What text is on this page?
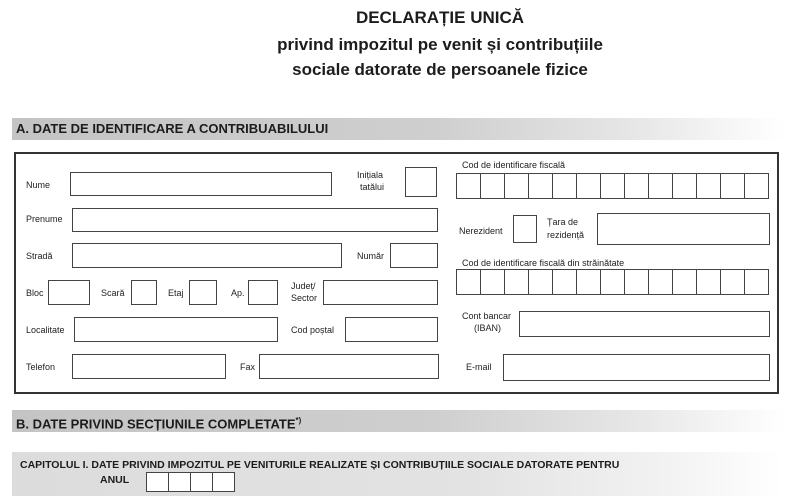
DECLARAȚIE UNICĂ
privind impozitul pe venit și contribuțiile
sociale datorate de persoanele fizice
A. DATE DE IDENTIFICARE A CONTRIBUABILULUI
Nume
Inițiala
tatălui
Prenume
Stradă	Număr
Bloc	Scară	Etaj	Ap.
Județ/
Sector
Localitate	Cod poștal
Telefon	Fax
Cod de identificare fiscală
Nerezident
Țara de
rezidență
Cod de identificare fiscală din străinătate
Cont bancar
(IBAN)
E-mail
B. DATE PRIVIND SECȚIUNILE COMPLETATE*)
CAPITOLUL I. DATE PRIVIND IMPOZITUL PE VENITURILE REALIZATE ȘI CONTRIBUȚIILE SOCIALE DATORATE PENTRU
ANUL
